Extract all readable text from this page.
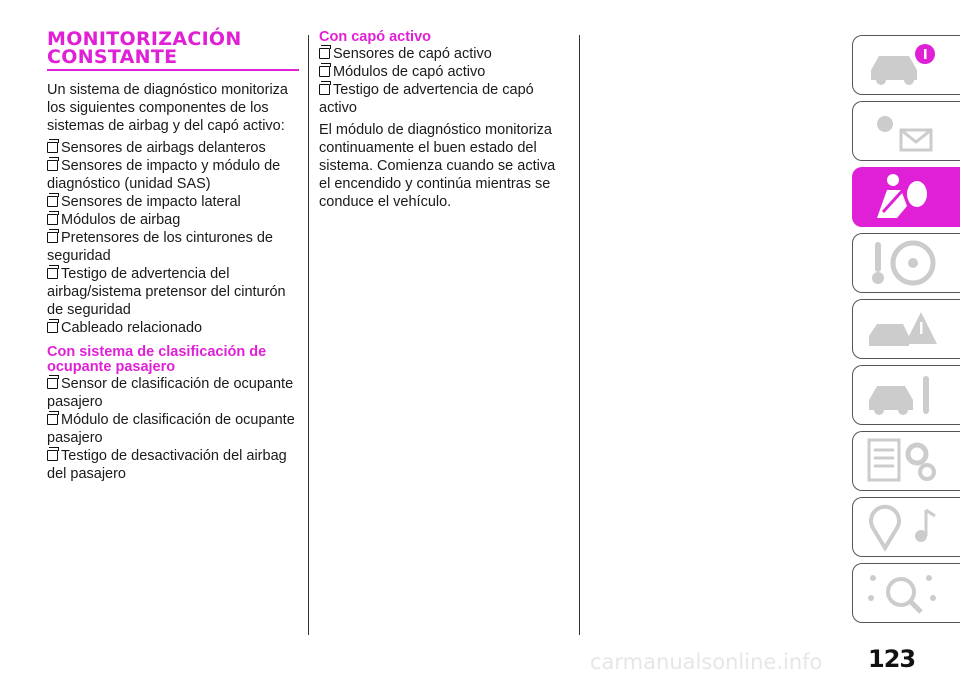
MONITORIZACIÓN
CONSTANTE

Un sistema de diagnóstico monitoriza los siguientes componentes de los sistemas de airbag y del capó activo:

Sensores de airbags delanteros
Sensores de impacto y módulo de diagnóstico (unidad SAS)
Sensores de impacto lateral
Módulos de airbag
Pretensores de los cinturones de seguridad
Testigo de advertencia del airbag/sistema pretensor del cinturón de seguridad
Cableado relacionado
Con sistema de clasificación de ocupante pasajero
Sensor de clasificación de ocupante pasajero
Módulo de clasificación de ocupante pasajero
Testigo de desactivación del airbag del pasajero
Con capó activo
Sensores de capó activo
Módulos de capó activo
Testigo de advertencia de capó activo

El módulo de diagnóstico monitoriza continuamente el buen estado del sistema. Comienza cuando se activa el encendido y continúa mientras se conduce el vehículo.

123
carmanualsonline.info
